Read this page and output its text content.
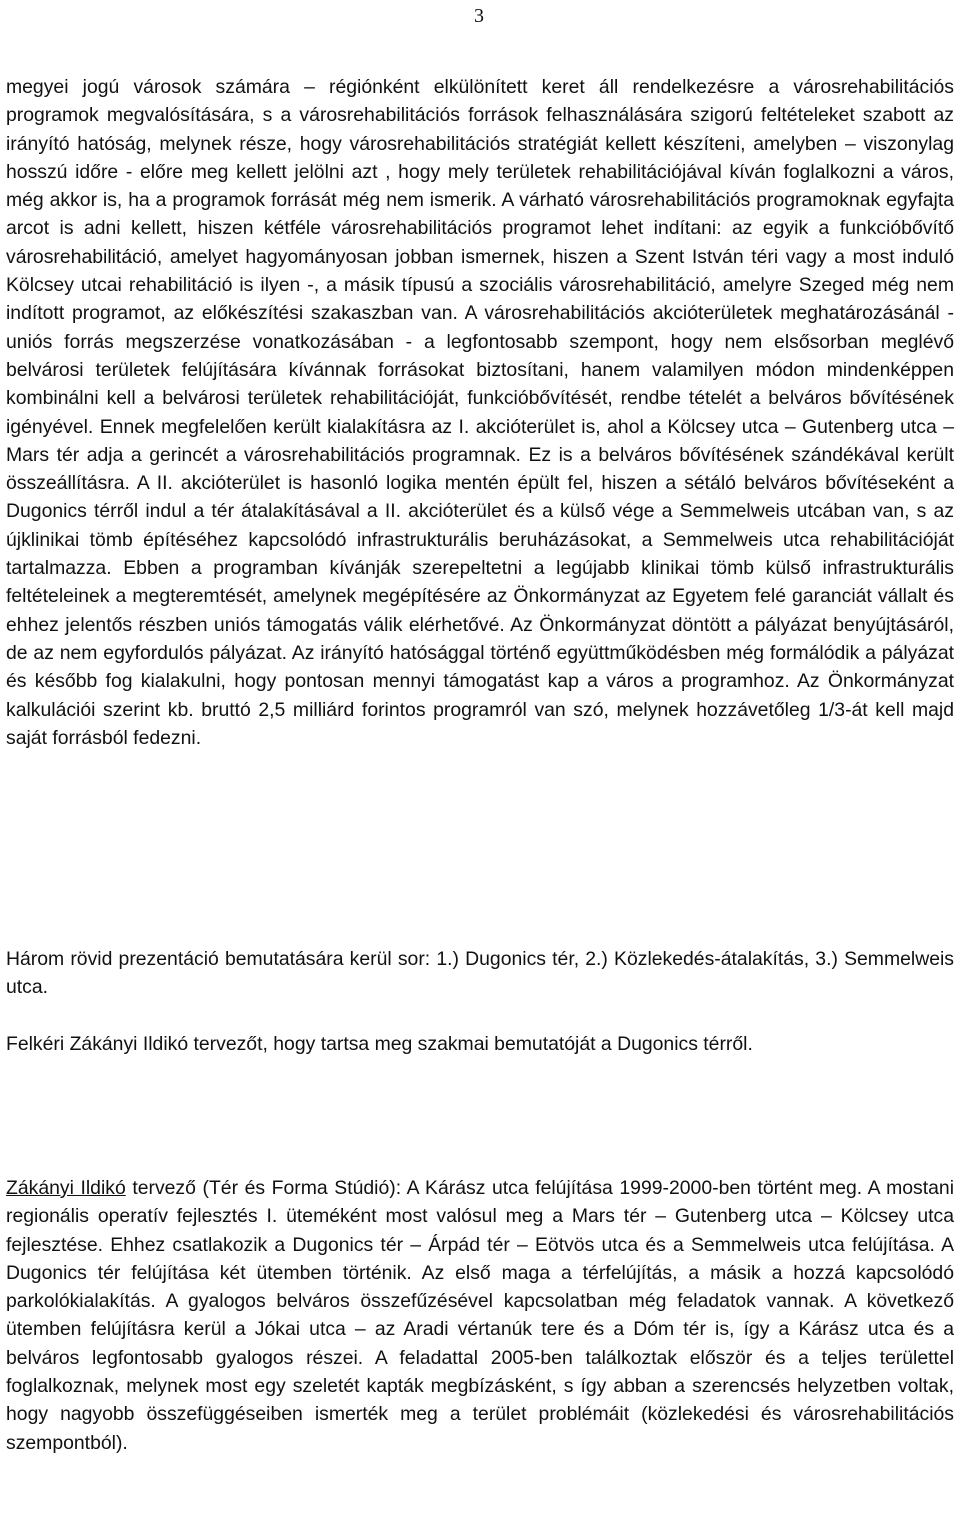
3

megyei jogú városok számára – régiónként elkülönített keret áll rendelkezésre a városrehabilitációs programok megvalósítására, s a városrehabilitációs források felhasználására szigorú feltételeket szabott az irányító hatóság, melynek része, hogy városrehabilitációs stratégiát kellett készíteni, amelyben – viszonylag hosszú időre - előre meg kellett jelölni azt , hogy mely területek rehabilitációjával kíván foglalkozni a város, még akkor is, ha a programok forrását még nem ismerik. A várható városrehabilitációs programoknak egyfajta arcot is adni kellett, hiszen kétféle városrehabilitációs programot lehet indítani: az egyik a funkcióbővítő városrehabilitáció, amelyet hagyományosan jobban ismernek, hiszen a Szent István téri vagy a most induló Kölcsey utcai rehabilitáció is ilyen -, a másik típusú a szociális városrehabilitáció, amelyre Szeged még nem indított programot, az előkészítési szakaszban van. A városrehabilitációs akcióterületek meghatározásánál - uniós forrás megszerzése vonatkozásában - a legfontosabb szempont, hogy nem elsősorban meglévő belvárosi területek felújítására kívánnak forrásokat biztosítani, hanem valamilyen módon mindenképpen kombinálni kell a belvárosi területek rehabilitációját, funkcióbővítését, rendbe tételét a belváros bővítésének igényével. Ennek megfelelően került kialakításra az I. akcióterület is, ahol a Kölcsey utca – Gutenberg utca – Mars tér adja a gerincét a városrehabilitációs programnak. Ez is a belváros bővítésének szándékával került összeállításra. A II. akcióterület is hasonló logika mentén épült fel, hiszen a sétáló belváros bővítéseként a Dugonics térről indul a tér átalakításával a II. akcióterület és a külső vége a Semmelweis utcában van, s az újklinikai tömb építéséhez kapcsolódó infrastrukturális beruházásokat, a Semmelweis utca rehabilitációját tartalmazza. Ebben a programban kívánják szerepeltetni a legújabb klinikai tömb külső infrastrukturális feltételeinek a megteremtését, amelynek megépítésére az Önkormányzat az Egyetem felé garanciát vállalt és ehhez jelentős részben uniós támogatás válik elérhetővé. Az Önkormányzat döntött a pályázat benyújtásáról, de az nem egyfordulós pályázat. Az irányító hatósággal történő együttműködésben még formálódik a pályázat és később fog kialakulni, hogy pontosan mennyi támogatást kap a város a programhoz. Az Önkormányzat kalkulációi szerint kb. bruttó 2,5 milliárd forintos programról van szó, melynek hozzávetőleg 1/3-át kell majd saját forrásból fedezni.

Három rövid prezentáció bemutatására kerül sor: 1.) Dugonics tér, 2.) Közlekedés-átalakítás, 3.) Semmelweis utca.

Felkéri Zákányi Ildikó tervezőt, hogy tartsa meg szakmai bemutatóját a Dugonics térről.

Zákányi Ildikó tervező (Tér és Forma Stúdió): A Kárász utca felújítása 1999-2000-ben történt meg. A mostani regionális operatív fejlesztés I. üteméként most valósul meg a Mars tér – Gutenberg utca – Kölcsey utca fejlesztése. Ehhez csatlakozik a Dugonics tér – Árpád tér – Eötvös utca és a Semmelweis utca felújítása. A Dugonics tér felújítása két ütemben történik. Az első maga a térfelújítás, a másik a hozzá kapcsolódó parkolókialakítás. A gyalogos belváros összefűzésével kapcsolatban még feladatok vannak. A következő ütemben felújításra kerül a Jókai utca – az Aradi vértanúk tere és a Dóm tér is, így a Kárász utca és a belváros legfontosabb gyalogos részei. A feladattal 2005-ben találkoztak először és a teljes területtel foglalkoznak, melynek most egy szeletét kapták megbízásként, s így abban a szerencsés helyzetben voltak, hogy nagyobb összefüggéseiben ismerték meg a terület problémáit (közlekedési és városrehabilitációs szempontból).
